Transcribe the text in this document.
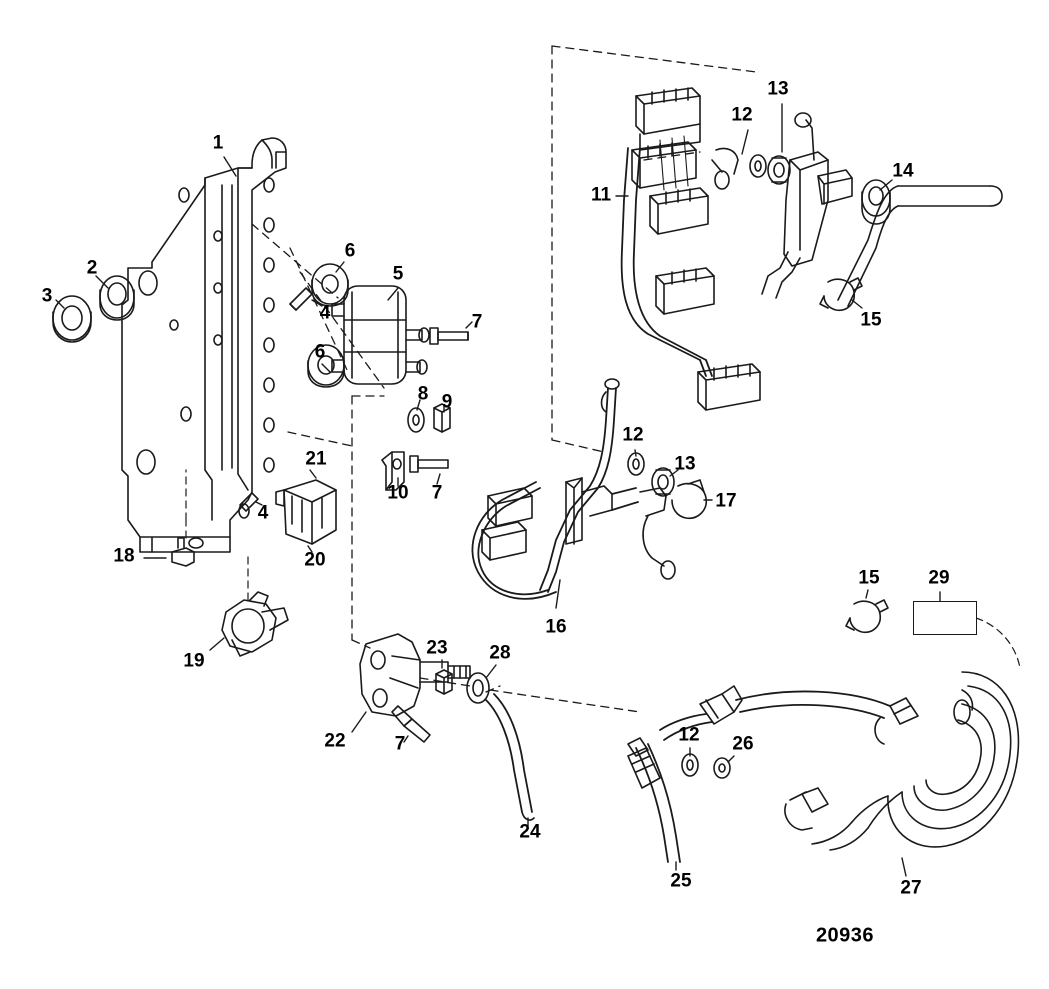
1
2
3
4
5
6
6
7
8 9
10 7
11
12
13
14
15
12
13
17
16
18
19
20
21
4
22	7
23 28
24
12 26
25	27
15	29
20936
